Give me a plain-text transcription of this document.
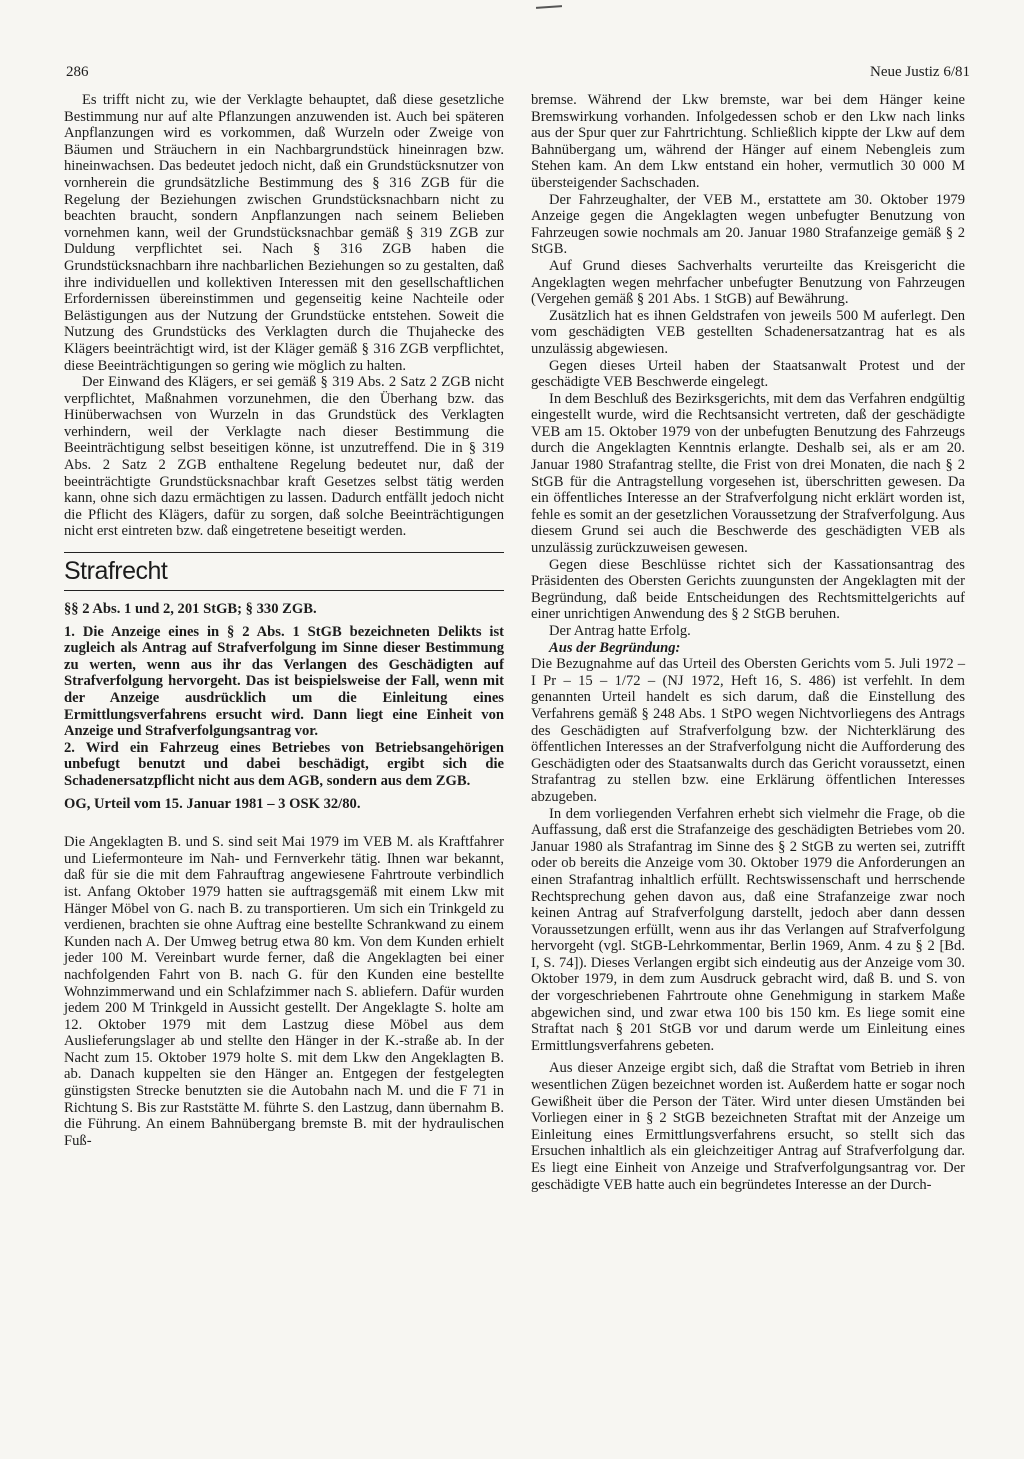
286	Neue Justiz 6/81

Es trifft nicht zu, wie der Verklagte behauptet, daß diese gesetzliche Bestimmung nur auf alte Pflanzungen anzuwenden ist. Auch bei späteren Anpflanzungen wird es vorkommen, daß Wurzeln oder Zweige von Bäumen und Sträuchern in ein Nachbargrundstück hineinragen bzw. hineinwachsen. Das bedeutet jedoch nicht, daß ein Grundstücksnutzer von vornherein die grundsätzliche Bestimmung des § 316 ZGB für die Regelung der Beziehungen zwischen Grundstücksnachbarn nicht zu beachten braucht, sondern Anpflanzungen nach seinem Belieben vornehmen kann, weil der Grundstücksnachbar gemäß § 319 ZGB zur Duldung verpflichtet sei. Nach § 316 ZGB haben die Grundstücksnachbarn ihre nachbarlichen Beziehungen so zu gestalten, daß ihre individuellen und kollektiven Interessen mit den gesellschaftlichen Erfordernissen übereinstimmen und gegenseitig keine Nachteile oder Belästigungen aus der Nutzung der Grundstücke entstehen. Soweit die Nutzung des Grundstücks des Verklagten durch die Thujahecke des Klägers beeinträchtigt wird, ist der Kläger gemäß § 316 ZGB verpflichtet, diese Beeinträchtigungen so gering wie möglich zu halten.

Der Einwand des Klägers, er sei gemäß § 319 Abs. 2 Satz 2 ZGB nicht verpflichtet, Maßnahmen vorzunehmen, die den Überhang bzw. das Hinüberwachsen von Wurzeln in das Grundstück des Verklagten verhindern, weil der Verklagte nach dieser Bestimmung die Beeinträchtigung selbst beseitigen könne, ist unzutreffend. Die in § 319 Abs. 2 Satz 2 ZGB enthaltene Regelung bedeutet nur, daß der beeinträchtigte Grundstücksnachbar kraft Gesetzes selbst tätig werden kann, ohne sich dazu ermächtigen zu lassen. Dadurch entfällt jedoch nicht die Pflicht des Klägers, dafür zu sorgen, daß solche Beeinträchtigungen nicht erst eintreten bzw. daß eingetretene beseitigt werden.

Strafrecht

§§ 2 Abs. 1 und 2, 201 StGB; § 330 ZGB.

1. Die Anzeige eines in § 2 Abs. 1 StGB bezeichneten Delikts ist zugleich als Antrag auf Strafverfolgung im Sinne dieser Bestimmung zu werten, wenn aus ihr das Verlangen des Geschädigten auf Strafverfolgung hervorgeht. Das ist beispielsweise der Fall, wenn mit der Anzeige ausdrücklich um die Einleitung eines Ermittlungsverfahrens ersucht wird. Dann liegt eine Einheit von Anzeige und Strafverfolgungsantrag vor.

2. Wird ein Fahrzeug eines Betriebes von Betriebsangehörigen unbefugt benutzt und dabei beschädigt, ergibt sich die Schadenersatzpflicht nicht aus dem AGB, sondern aus dem ZGB.

OG, Urteil vom 15. Januar 1981 – 3 OSK 32/80.

Die Angeklagten B. und S. sind seit Mai 1979 im VEB M. als Kraftfahrer und Liefermonteure im Nah- und Fernverkehr tätig. Ihnen war bekannt, daß für sie die mit dem Fahrauftrag angewiesene Fahrtroute verbindlich ist. Anfang Oktober 1979 hatten sie auftragsgemäß mit einem Lkw mit Hänger Möbel von G. nach B. zu transportieren. Um sich ein Trinkgeld zu verdienen, brachten sie ohne Auftrag eine bestellte Schrankwand zu einem Kunden nach A. Der Umweg betrug etwa 80 km. Von dem Kunden erhielt jeder 100 M. Vereinbart wurde ferner, daß die Angeklagten bei einer nachfolgenden Fahrt von B. nach G. für den Kunden eine bestellte Wohnzimmerwand und ein Schlafzimmer nach S. abliefern. Dafür wurden jedem 200 M Trinkgeld in Aussicht gestellt. Der Angeklagte S. holte am 12. Oktober 1979 mit dem Lastzug diese Möbel aus dem Auslieferungslager ab und stellte den Hänger in der K.-straße ab. In der Nacht zum 15. Oktober 1979 holte S. mit dem Lkw den Angeklagten B. ab. Danach kuppelten sie den Hänger an. Entgegen der festgelegten günstigsten Strecke benutzten sie die Autobahn nach M. und die F 71 in Richtung S. Bis zur Raststätte M. führte S. den Lastzug, dann übernahm B. die Führung. An einem Bahnübergang bremste B. mit der hydraulischen Fuß-

bremse. Während der Lkw bremste, war bei dem Hänger keine Bremswirkung vorhanden. Infolgedessen schob er den Lkw nach links aus der Spur quer zur Fahrtrichtung. Schließlich kippte der Lkw auf dem Bahnübergang um, während der Hänger auf einem Nebengleis zum Stehen kam. An dem Lkw entstand ein hoher, vermutlich 30 000 M übersteigender Sachschaden.

Der Fahrzeughalter, der VEB M., erstattete am 30. Oktober 1979 Anzeige gegen die Angeklagten wegen unbefugter Benutzung von Fahrzeugen sowie nochmals am 20. Januar 1980 Strafanzeige gemäß § 2 StGB.

Auf Grund dieses Sachverhalts verurteilte das Kreisgericht die Angeklagten wegen mehrfacher unbefugter Benutzung von Fahrzeugen (Vergehen gemäß § 201 Abs. 1 StGB) auf Bewährung.

Zusätzlich hat es ihnen Geldstrafen von jeweils 500 M auferlegt. Den vom geschädigten VEB gestellten Schadenersatzantrag hat es als unzulässig abgewiesen.

Gegen dieses Urteil haben der Staatsanwalt Protest und der geschädigte VEB Beschwerde eingelegt.

In dem Beschluß des Bezirksgerichts, mit dem das Verfahren endgültig eingestellt wurde, wird die Rechtsansicht vertreten, daß der geschädigte VEB am 15. Oktober 1979 von der unbefugten Benutzung des Fahrzeugs durch die Angeklagten Kenntnis erlangte. Deshalb sei, als er am 20. Januar 1980 Strafantrag stellte, die Frist von drei Monaten, die nach § 2 StGB für die Antragstellung vorgesehen ist, überschritten gewesen. Da ein öffentliches Interesse an der Strafverfolgung nicht erklärt worden ist, fehle es somit an der gesetzlichen Voraussetzung der Strafverfolgung. Aus diesem Grund sei auch die Beschwerde des geschädigten VEB als unzulässig zurückzuweisen gewesen.

Gegen diese Beschlüsse richtet sich der Kassationsantrag des Präsidenten des Obersten Gerichts zuungunsten der Angeklagten mit der Begründung, daß beide Entscheidungen des Rechtsmittelgerichts auf einer unrichtigen Anwendung des § 2 StGB beruhen.

Der Antrag hatte Erfolg.

Aus der Begründung:

Die Bezugnahme auf das Urteil des Obersten Gerichts vom 5. Juli 1972 – I Pr – 15 – 1/72 – (NJ 1972, Heft 16, S. 486) ist verfehlt. In dem genannten Urteil handelt es sich darum, daß die Einstellung des Verfahrens gemäß § 248 Abs. 1 StPO wegen Nichtvorliegens des Antrags des Geschädigten auf Strafverfolgung bzw. der Nichterklärung des öffentlichen Interesses an der Strafverfolgung nicht die Aufforderung des Geschädigten oder des Staatsanwalts durch das Gericht voraussetzt, einen Strafantrag zu stellen bzw. eine Erklärung öffentlichen Interesses abzugeben.

In dem vorliegenden Verfahren erhebt sich vielmehr die Frage, ob die Auffassung, daß erst die Strafanzeige des geschädigten Betriebes vom 20. Januar 1980 als Strafantrag im Sinne des § 2 StGB zu werten sei, zutrifft oder ob bereits die Anzeige vom 30. Oktober 1979 die Anforderungen an einen Strafantrag inhaltlich erfüllt. Rechtswissenschaft und herrschende Rechtsprechung gehen davon aus, daß eine Strafanzeige zwar noch keinen Antrag auf Strafverfolgung darstellt, jedoch aber dann dessen Voraussetzungen erfüllt, wenn aus ihr das Verlangen auf Strafverfolgung hervorgeht (vgl. StGB-Lehrkommentar, Berlin 1969, Anm. 4 zu § 2 [Bd. I, S. 74]). Dieses Verlangen ergibt sich eindeutig aus der Anzeige vom 30. Oktober 1979, in dem zum Ausdruck gebracht wird, daß B. und S. von der vorgeschriebenen Fahrtroute ohne Genehmigung in starkem Maße abgewichen sind, und zwar etwa 100 bis 150 km. Es liege somit eine Straftat nach § 201 StGB vor und darum werde um Einleitung eines Ermittlungsverfahrens gebeten.

Aus dieser Anzeige ergibt sich, daß die Straftat vom Betrieb in ihren wesentlichen Zügen bezeichnet worden ist. Außerdem hatte er sogar noch Gewißheit über die Person der Täter. Wird unter diesen Umständen bei Vorliegen einer in § 2 StGB bezeichneten Straftat mit der Anzeige um Einleitung eines Ermittlungsverfahrens ersucht, so stellt sich das Ersuchen inhaltlich als ein gleichzeitiger Antrag auf Strafverfolgung dar. Es liegt eine Einheit von Anzeige und Strafverfolgungsantrag vor. Der geschädigte VEB hatte auch ein begründetes Interesse an der Durch-
